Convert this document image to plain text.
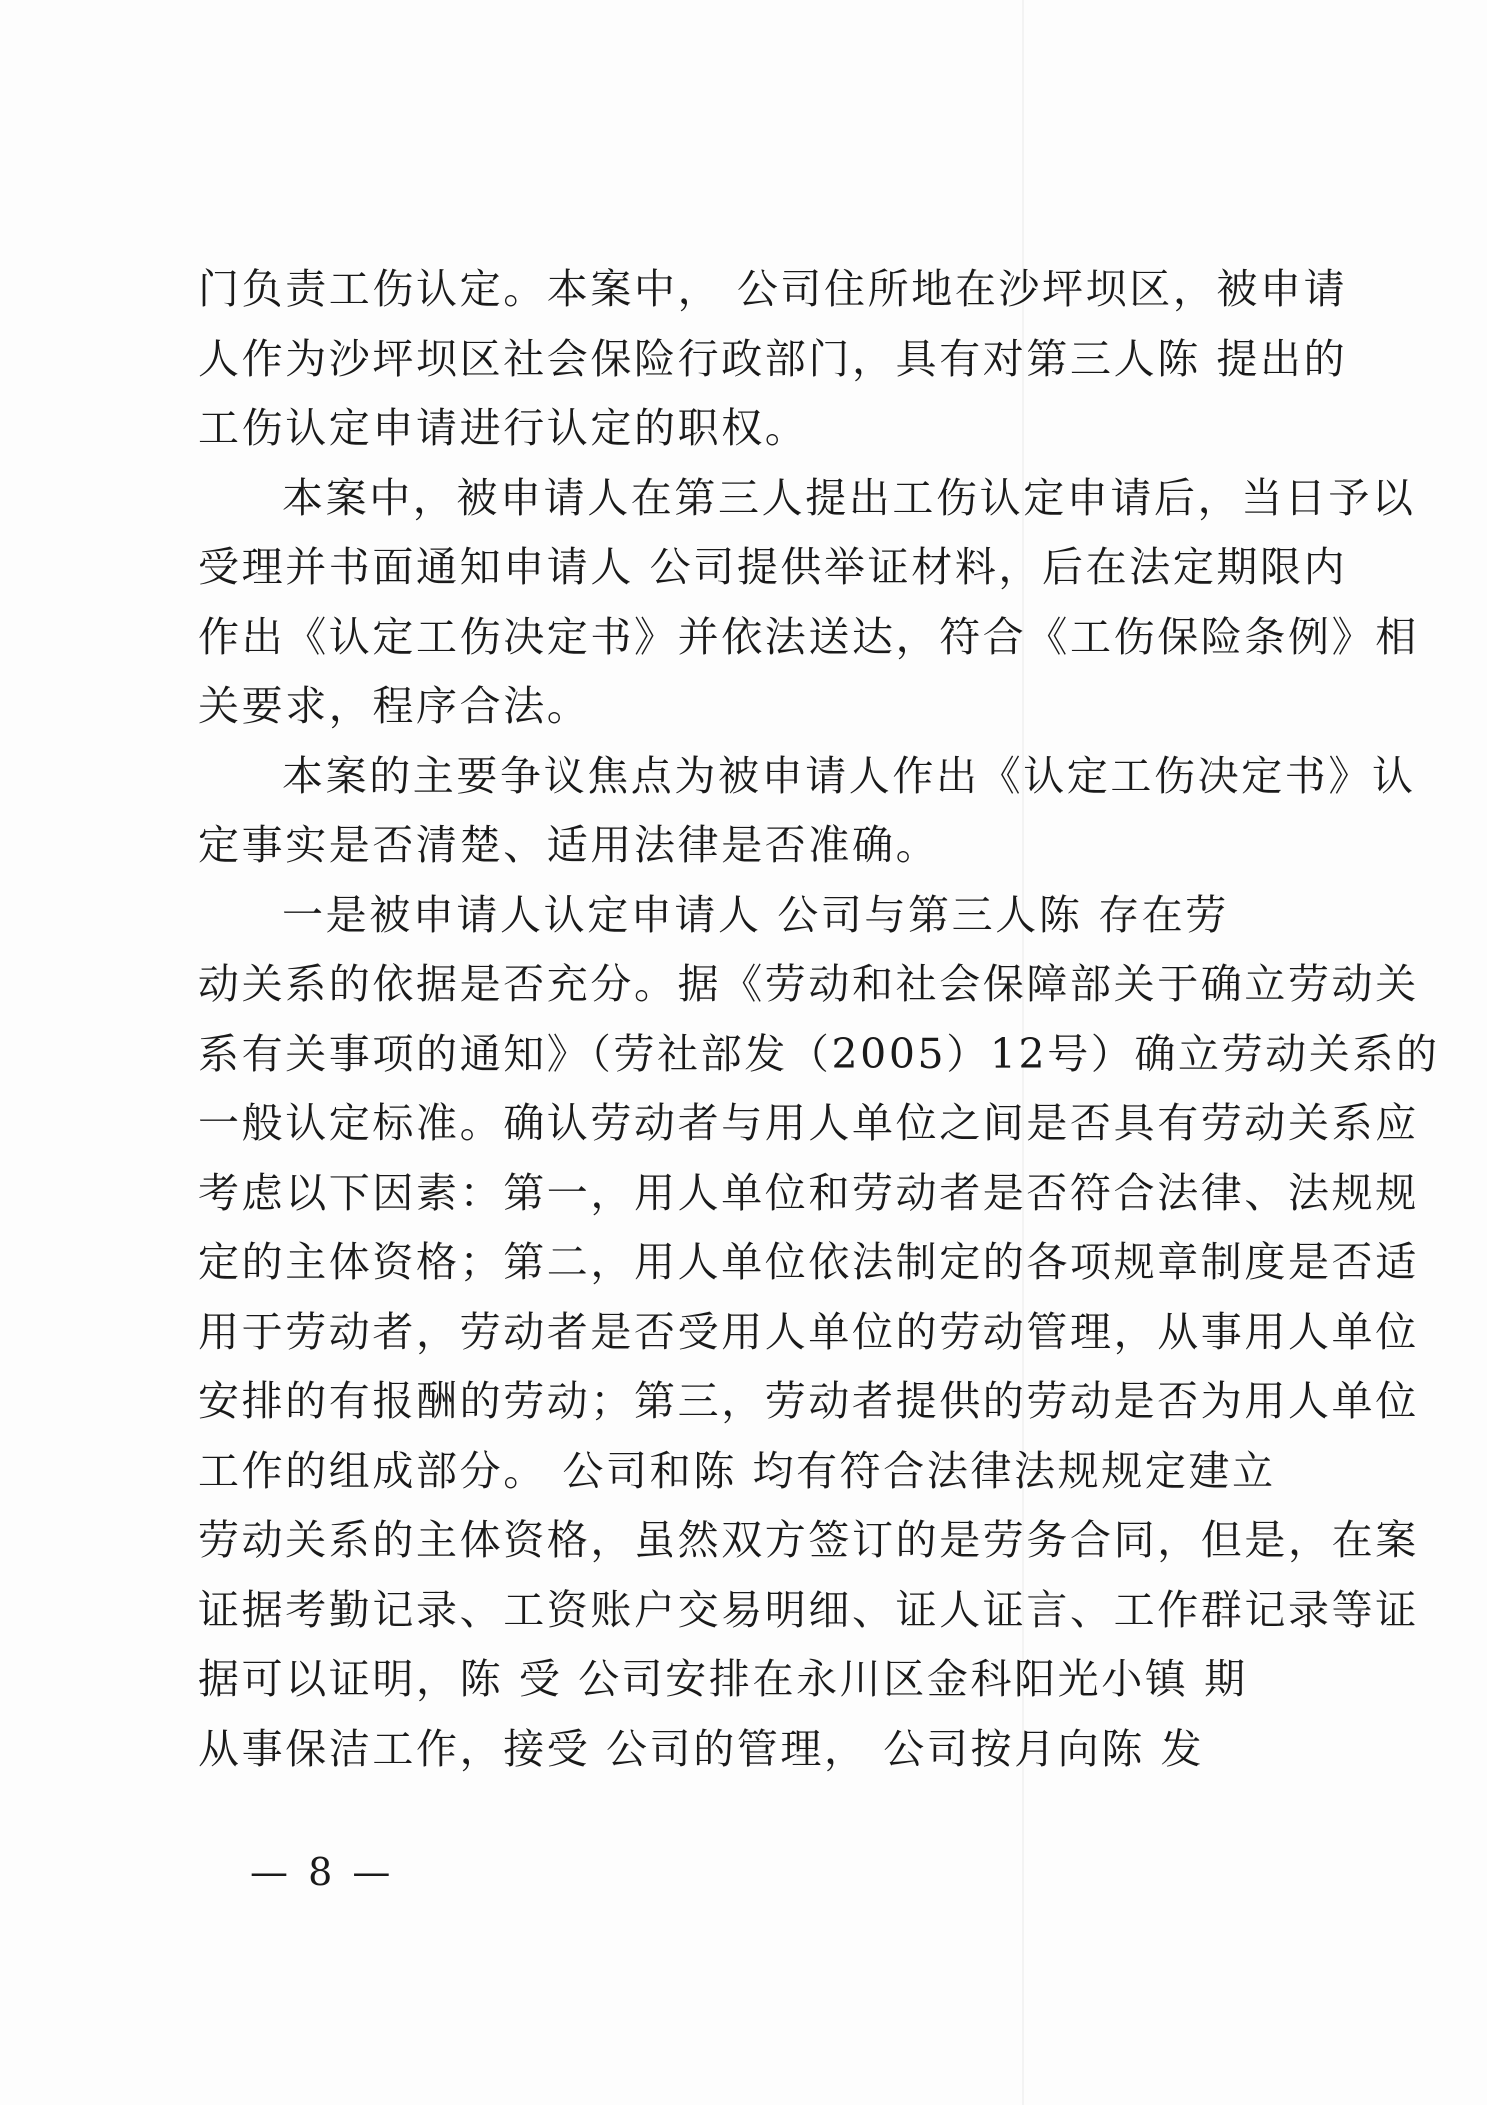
门负责工伤认定。本案中， 公司住所地在沙坪坝区，被申请
人作为沙坪坝区社会保险行政部门，具有对第三人陈 提出的
工伤认定申请进行认定的职权。
本案中，被申请人在第三人提出工伤认定申请后，当日予以
受理并书面通知申请人 公司提供举证材料，后在法定期限内
作出《认定工伤决定书》并依法送达，符合《工伤保险条例》相
关要求，程序合法。
本案的主要争议焦点为被申请人作出《认定工伤决定书》认
定事实是否清楚、适用法律是否准确。
一是被申请人认定申请人 公司与第三人陈 存在劳
动关系的依据是否充分。据《劳动和社会保障部关于确立劳动关
系有关事项的通知》（劳社部发（2005）12号）确立劳动关系的
一般认定标准。确认劳动者与用人单位之间是否具有劳动关系应
考虑以下因素：第一，用人单位和劳动者是否符合法律、法规规
定的主体资格；第二，用人单位依法制定的各项规章制度是否适
用于劳动者，劳动者是否受用人单位的劳动管理，从事用人单位
安排的有报酬的劳动；第三，劳动者提供的劳动是否为用人单位
工作的组成部分。 公司和陈 均有符合法律法规规定建立
劳动关系的主体资格，虽然双方签订的是劳务合同，但是，在案
证据考勤记录、工资账户交易明细、证人证言、工作群记录等证
据可以证明，陈 受 公司安排在永川区金科阳光小镇 期
从事保洁工作，接受 公司的管理， 公司按月向陈 发
— 8 —
